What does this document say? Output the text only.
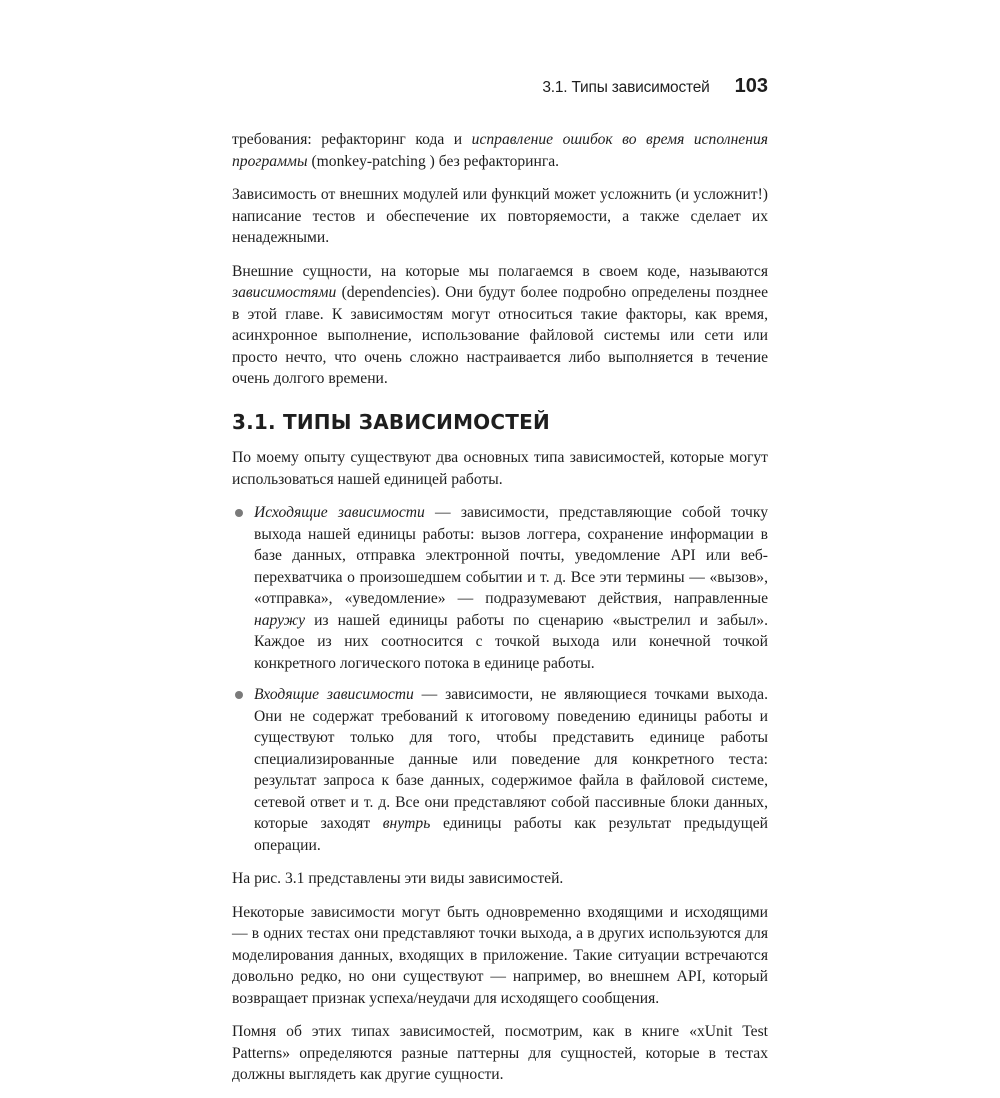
3.1. Типы зависимостей 103

требования: рефакторинг кода и исправление ошибок во время исполнения программы (monkey-patching ) без рефакторинга.

Зависимость от внешних модулей или функций может усложнить (и усложнит!) написание тестов и обеспечение их повторяемости, а также сделает их ненадежными.

Внешние сущности, на которые мы полагаемся в своем коде, называются зависимостями (dependencies). Они будут более подробно определены позднее в этой главе. К зависимостям могут относиться такие факторы, как время, асинхронное выполнение, использование файловой системы или сети или просто нечто, что очень сложно настраивается либо выполняется в течение очень долгого времени.

3.1. ТИПЫ ЗАВИСИМОСТЕЙ

По моему опыту существуют два основных типа зависимостей, которые могут использоваться нашей единицей работы.

Исходящие зависимости — зависимости, представляющие собой точку выхода нашей единицы работы: вызов логгера, сохранение информации в базе данных, отправка электронной почты, уведомление API или веб-перехватчика о произошедшем событии и т. д. Все эти термины — «вызов», «отправка», «уведомление» — подразумевают действия, направленные наружу из нашей единицы работы по сценарию «выстрелил и забыл». Каждое из них соотносится с точкой выхода или конечной точкой конкретного логического потока в единице работы.
Входящие зависимости — зависимости, не являющиеся точками выхода. Они не содержат требований к итоговому поведению единицы работы и существуют только для того, чтобы представить единице работы специализированные данные или поведение для конкретного теста: результат запроса к базе данных, содержимое файла в файловой системе, сетевой ответ и т. д. Все они представляют собой пассивные блоки данных, которые заходят внутрь единицы работы как результат предыдущей операции.

На рис. 3.1 представлены эти виды зависимостей.

Некоторые зависимости могут быть одновременно входящими и исходящими — в одних тестах они представляют точки выхода, а в других используются для моделирования данных, входящих в приложение. Такие ситуации встречаются довольно редко, но они существуют — например, во внешнем API, который возвращает признак успеха/неудачи для исходящего сообщения.

Помня об этих типах зависимостей, посмотрим, как в книге «xUnit Test Patterns» определяются разные паттерны для сущностей, которые в тестах должны выглядеть как другие сущности.
